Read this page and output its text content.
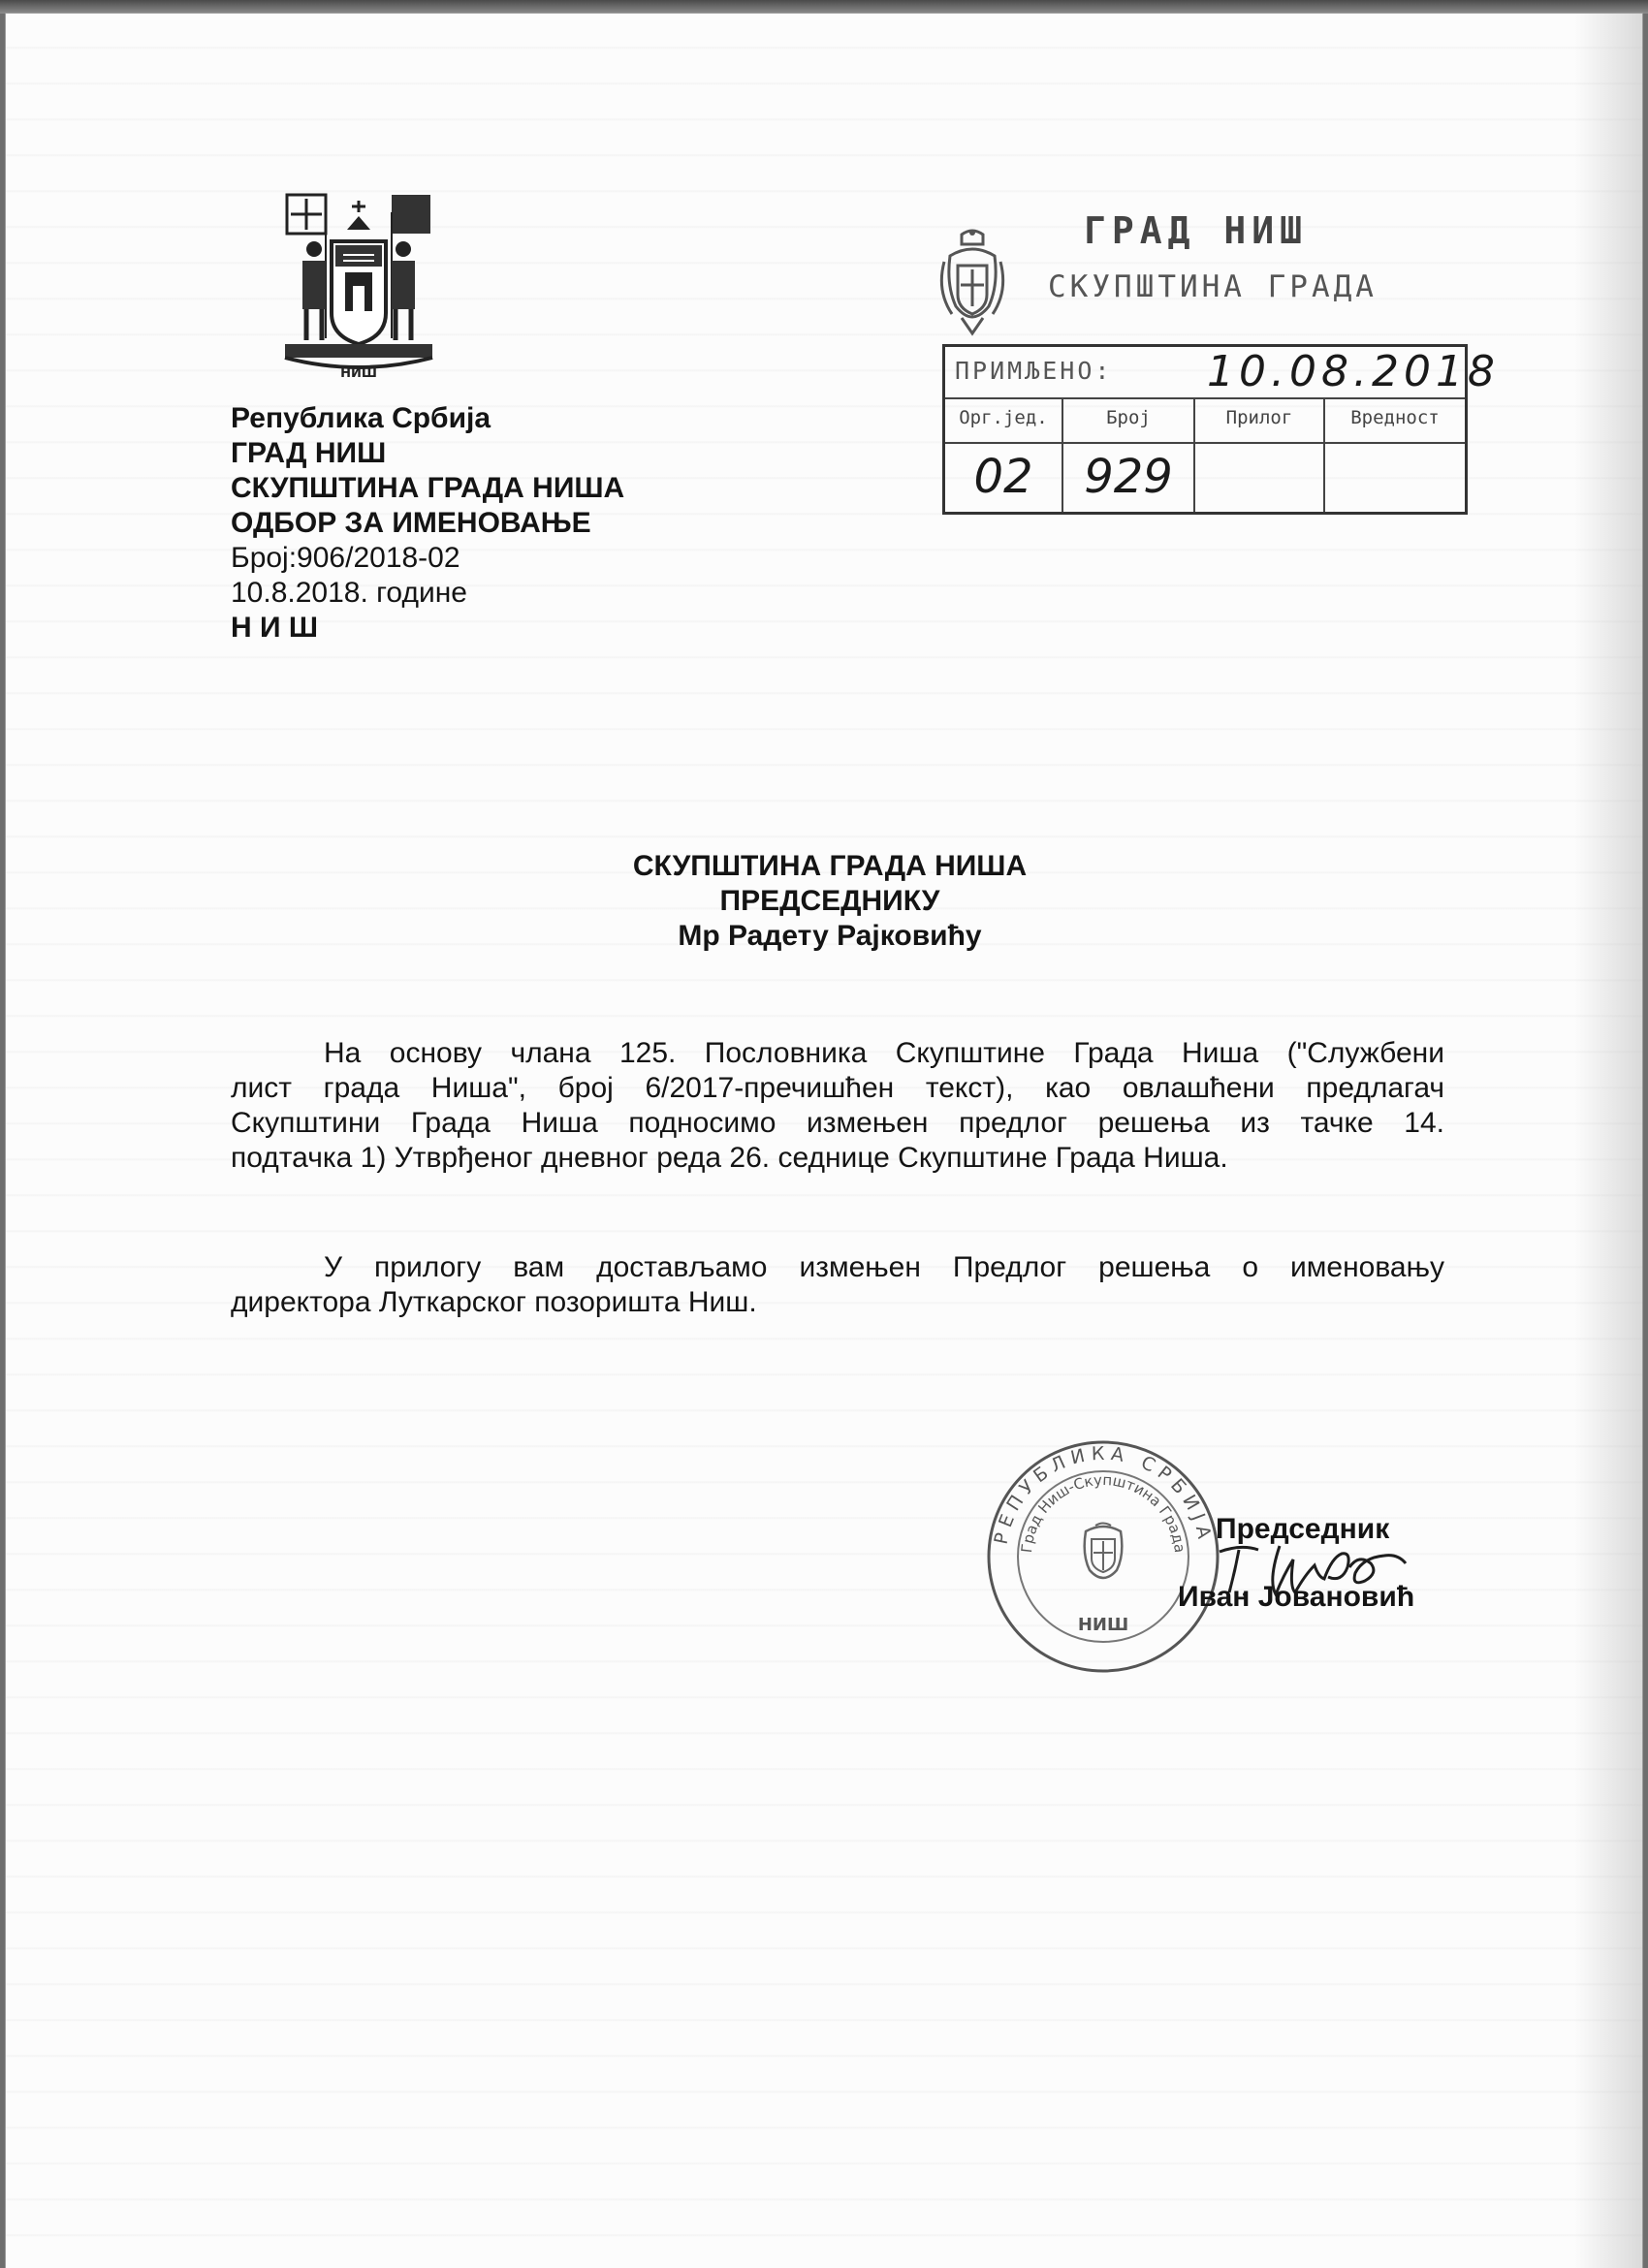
НИШ
Република Србија
ГРАД НИШ
СКУПШТИНА ГРАДА НИША
ОДБОР ЗА ИМЕНОВАЊЕ
Број:906/2018-02
10.8.2018. године
Н И Ш
ГРАД НИШ
СКУПШТИНА ГРАДА
ПРИМЉЕНО: 10.08.2018
Орг.јед.	Број	Прилог	Вредност
02	929
СКУПШТИНА ГРАДА НИША
ПРЕДСЕДНИКУ
Мр Радету Рајковићу
На основу члана 125. Пословника Скупштине Града Ниша ("Службени
лист града Ниша", број 6/2017-пречишћен текст), као овлашћени предлагач
Скупштини Града Ниша подносимо измењен предлог решења из тачке 14.
подтачка 1) Утврђеног дневног реда 26. седнице Скупштине Града Ниша.
У прилогу вам достављамо измењен Предлог решења о именовању
директора Луткарског позоришта Ниш.
РЕПУБЛИКА СРБИЈА
Град Ниш-Скупштина Града
НИШ
Председник
Иван Јовановић
